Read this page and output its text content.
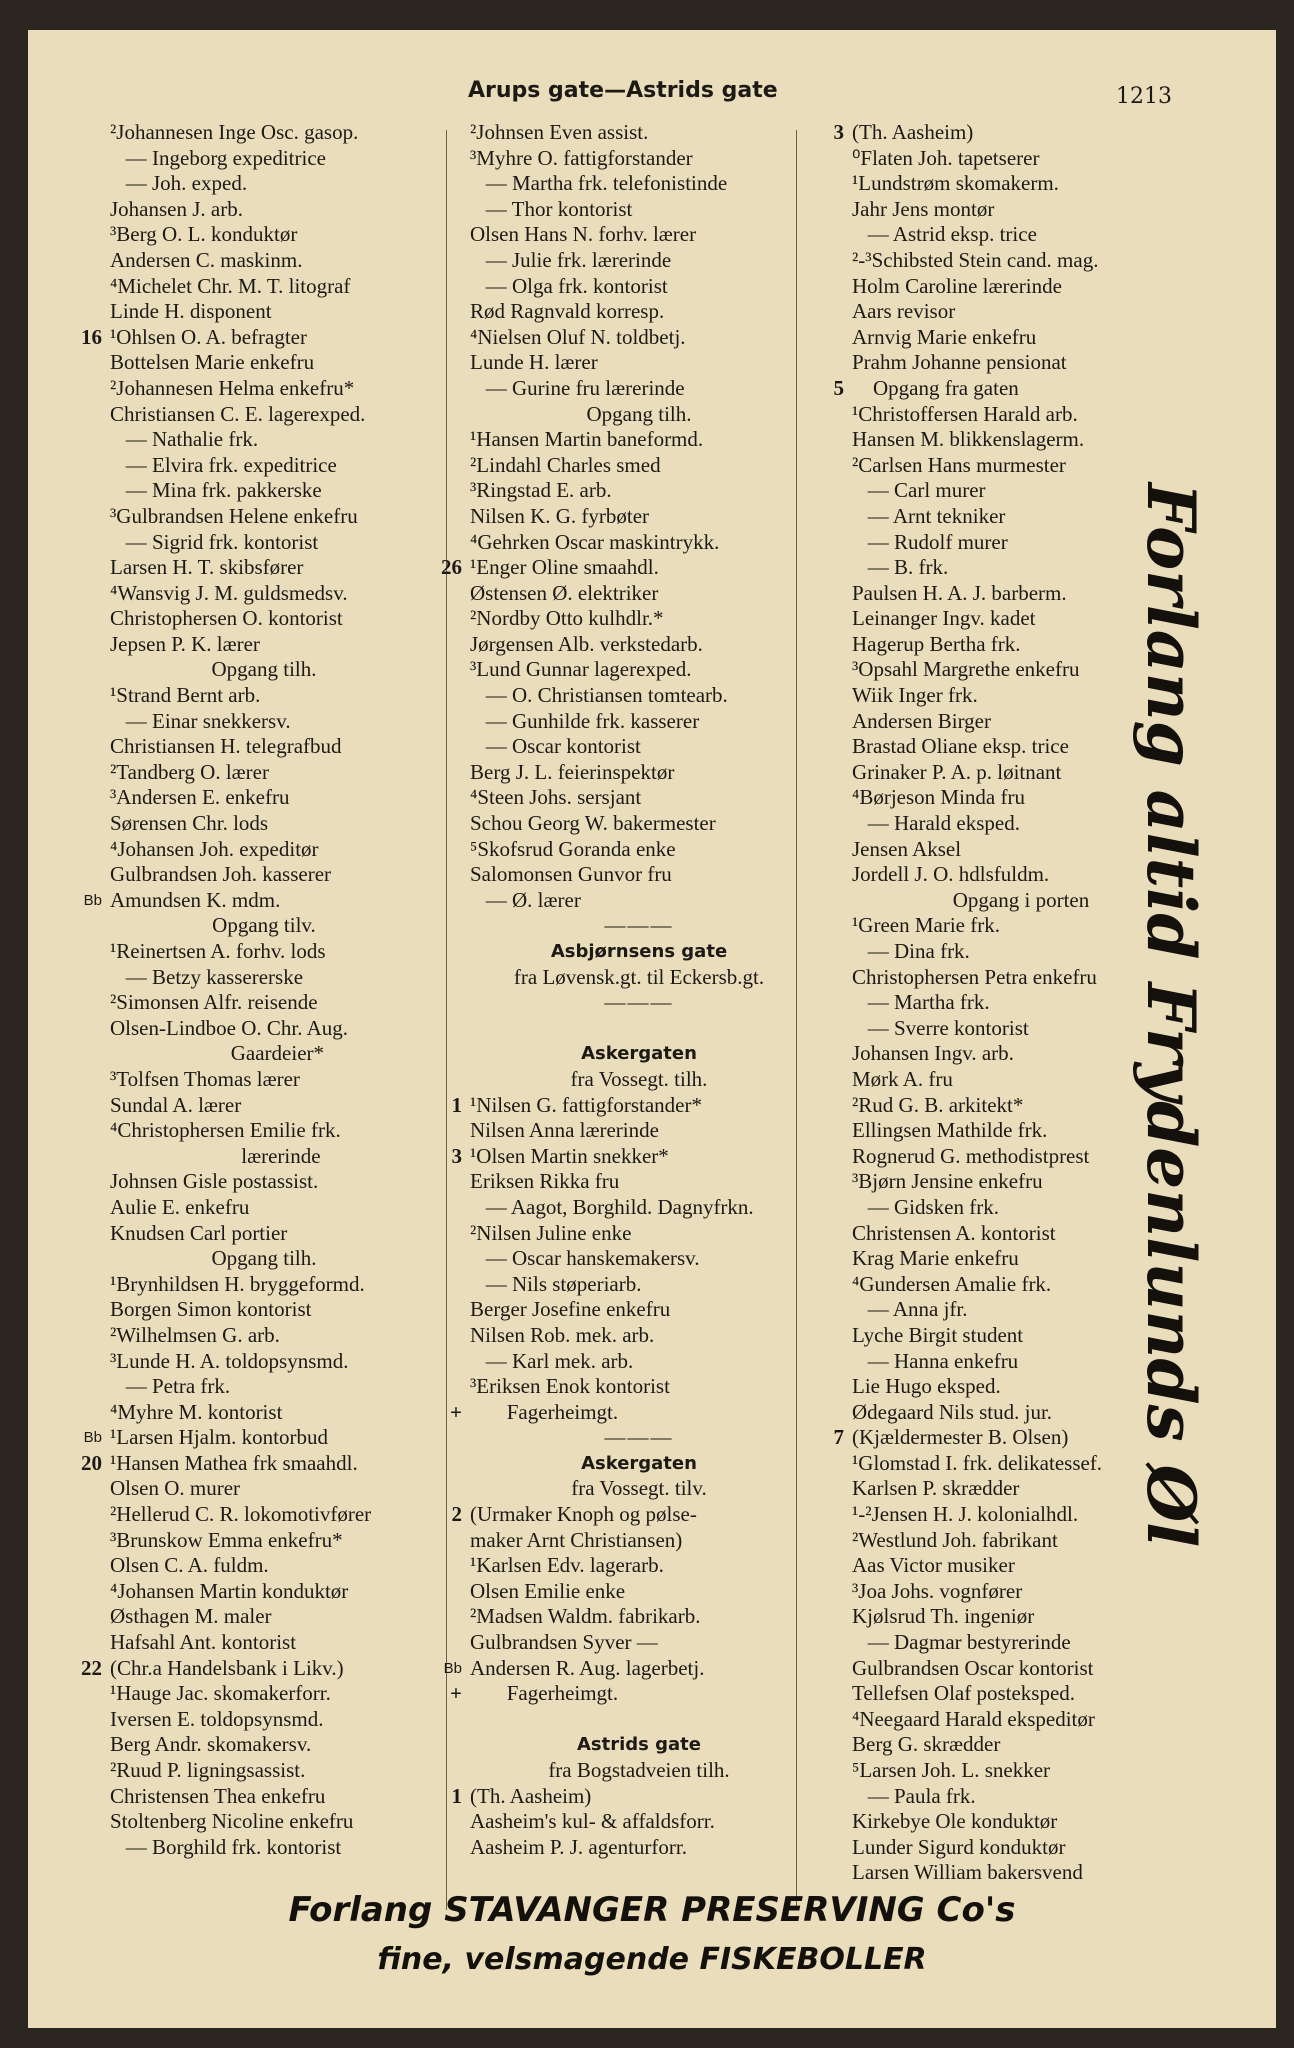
Arups gate—Astrids gate	1213
²Johannesen Inge Osc. gasop.
— Ingeborg expeditrice
— Joh. exped.
Johansen J. arb.
³Berg O. L. konduktør
Andersen C. maskinm.
⁴Michelet Chr. M. T. litograf
Linde H. disponent
16 ¹Ohlsen O. A. befragter
Bottelsen Marie enkefru
²Johannesen Helma enkefru*
Christiansen C. E. lagerexped.
— Nathalie frk.
— Elvira frk. expeditrice
— Mina frk. pakkerske
³Gulbrandsen Helene enkefru
— Sigrid frk. kontorist
Larsen H. T. skibsfører
⁴Wansvig J. M. guldsmedsv.
Christophersen O. kontorist
Jepsen P. K. lærer
Opgang tilh.
¹Strand Bernt arb.
— Einar snekkersv.
Christiansen H. telegrafbud
²Tandberg O. lærer
³Andersen E. enkefru
Sørensen Chr. lods
⁴Johansen Joh. expeditør
Gulbrandsen Joh. kasserer
Bb Amundsen K. mdm.
Opgang tilv.
¹Reinertsen A. forhv. lods
— Betzy kassererske
²Simonsen Alfr. reisende
Olsen-Lindboe O. Chr. Aug.
Gaardeier*
³Tolfsen Thomas lærer
Sundal A. lærer
⁴Christophersen Emilie frk.
lærerinde
Johnsen Gisle postassist.
Aulie E. enkefru
Knudsen Carl portier
Opgang tilh.
¹Brynhildsen H. bryggeformd.
Borgen Simon kontorist
²Wilhelmsen G. arb.
³Lunde H. A. toldopsynsmd.
— Petra frk.
⁴Myhre M. kontorist
Bb ¹Larsen Hjalm. kontorbud
20 ¹Hansen Mathea frk smaahdl.
Olsen O. murer
²Hellerud C. R. lokomotivfører
³Brunskow Emma enkefru*
Olsen C. A. fuldm.
⁴Johansen Martin konduktør
Østhagen M. maler
Hafsahl Ant. kontorist
22 (Chr.a Handelsbank i Likv.)
¹Hauge Jac. skomakerforr.
Iversen E. toldopsynsmd.
Berg Andr. skomakersv.
²Ruud P. ligningsassist.
Christensen Thea enkefru
Stoltenberg Nicoline enkefru
— Borghild frk. kontorist
²Johnsen Even assist.
³Myhre O. fattigforstander
— Martha frk. telefonistinde
— Thor kontorist
Olsen Hans N. forhv. lærer
— Julie frk. lærerinde
— Olga frk. kontorist
Rød Ragnvald korresp.
⁴Nielsen Oluf N. toldbetj.
Lunde H. lærer
— Gurine fru lærerinde
Opgang tilh.
¹Hansen Martin baneformd.
²Lindahl Charles smed
³Ringstad E. arb.
Nilsen K. G. fyrbøter
⁴Gehrken Oscar maskintrykk.
26 ¹Enger Oline smaahdl.
Østensen Ø. elektriker
²Nordby Otto kulhdlr.*
Jørgensen Alb. verkstedarb.
³Lund Gunnar lagerexped.
— O. Christiansen tomtearb.
— Gunhilde frk. kasserer
— Oscar kontorist
Berg J. L. feierinspektør
⁴Steen Johs. sersjant
Schou Georg W. bakermester
⁵Skofsrud Goranda enke
Salomonsen Gunvor fru
— Ø. lærer
———
Asbjørnsens gate
fra Løvensk.gt. til Eckersb.gt.
———
Askergaten
fra Vossegt. tilh.
1 ¹Nilsen G. fattigforstander*
Nilsen Anna lærerinde
3 ¹Olsen Martin snekker*
Eriksen Rikka fru
— Aagot, Borghild. Dagnyfrkn.
²Nilsen Juline enke
— Oscar hanskemakersv.
— Nils støperiarb.
Berger Josefine enkefru
Nilsen Rob. mek. arb.
— Karl mek. arb.
³Eriksen Enok kontorist
+ Fagerheimgt.
———
Askergaten
fra Vossegt. tilv.
2 (Urmaker Knoph og pølse-
maker Arnt Christiansen)
¹Karlsen Edv. lagerarb.
Olsen Emilie enke
²Madsen Waldm. fabrikarb.
Gulbrandsen Syver —
Bb Andersen R. Aug. lagerbetj.
+ Fagerheimgt.
Astrids gate
fra Bogstadveien tilh.
1 (Th. Aasheim)
Aasheim's kul- & affaldsforr.
Aasheim P. J. agenturforr.
3 (Th. Aasheim)
⁰Flaten Joh. tapetserer
¹Lundstrøm skomakerm.
Jahr Jens montør
— Astrid eksp. trice
²-³Schibsted Stein cand. mag.
Holm Caroline lærerinde
Aars revisor
Arnvig Marie enkefru
Prahm Johanne pensionat
5 Opgang fra gaten
¹Christoffersen Harald arb.
Hansen M. blikkenslagerm.
²Carlsen Hans murmester
— Carl murer
— Arnt tekniker
— Rudolf murer
— B. frk.
Paulsen H. A. J. barberm.
Leinanger Ingv. kadet
Hagerup Bertha frk.
³Opsahl Margrethe enkefru
Wiik Inger frk.
Andersen Birger
Brastad Oliane eksp. trice
Grinaker P. A. p. løitnant
⁴Børjeson Minda fru
— Harald eksped.
Jensen Aksel
Jordell J. O. hdlsfuldm.
Opgang i porten
¹Green Marie frk.
— Dina frk.
Christophersen Petra enkefru
— Martha frk.
— Sverre kontorist
Johansen Ingv. arb.
Mørk A. fru
²Rud G. B. arkitekt*
Ellingsen Mathilde frk.
Rognerud G. methodistprest
³Bjørn Jensine enkefru
— Gidsken frk.
Christensen A. kontorist
Krag Marie enkefru
⁴Gundersen Amalie frk.
— Anna jfr.
Lyche Birgit student
— Hanna enkefru
Lie Hugo eksped.
Ødegaard Nils stud. jur.
7 (Kjældermester B. Olsen)
¹Glomstad I. frk. delikatessef.
Karlsen P. skrædder
¹-²Jensen H. J. kolonialhdl.
²Westlund Joh. fabrikant
Aas Victor musiker
³Joa Johs. vognfører
Kjølsrud Th. ingeniør
— Dagmar bestyrerinde
Gulbrandsen Oscar kontorist
Tellefsen Olaf posteksped.
⁴Neegaard Harald ekspeditør
Berg G. skrædder
⁵Larsen Joh. L. snekker
— Paula frk.
Kirkebye Ole konduktør
Lunder Sigurd konduktør
Larsen William bakersvend
Forlang altid Frydenlunds Øl
Forlang STAVANGER PRESERVING Co's
fine, velsmagende FISKEBOLLER
